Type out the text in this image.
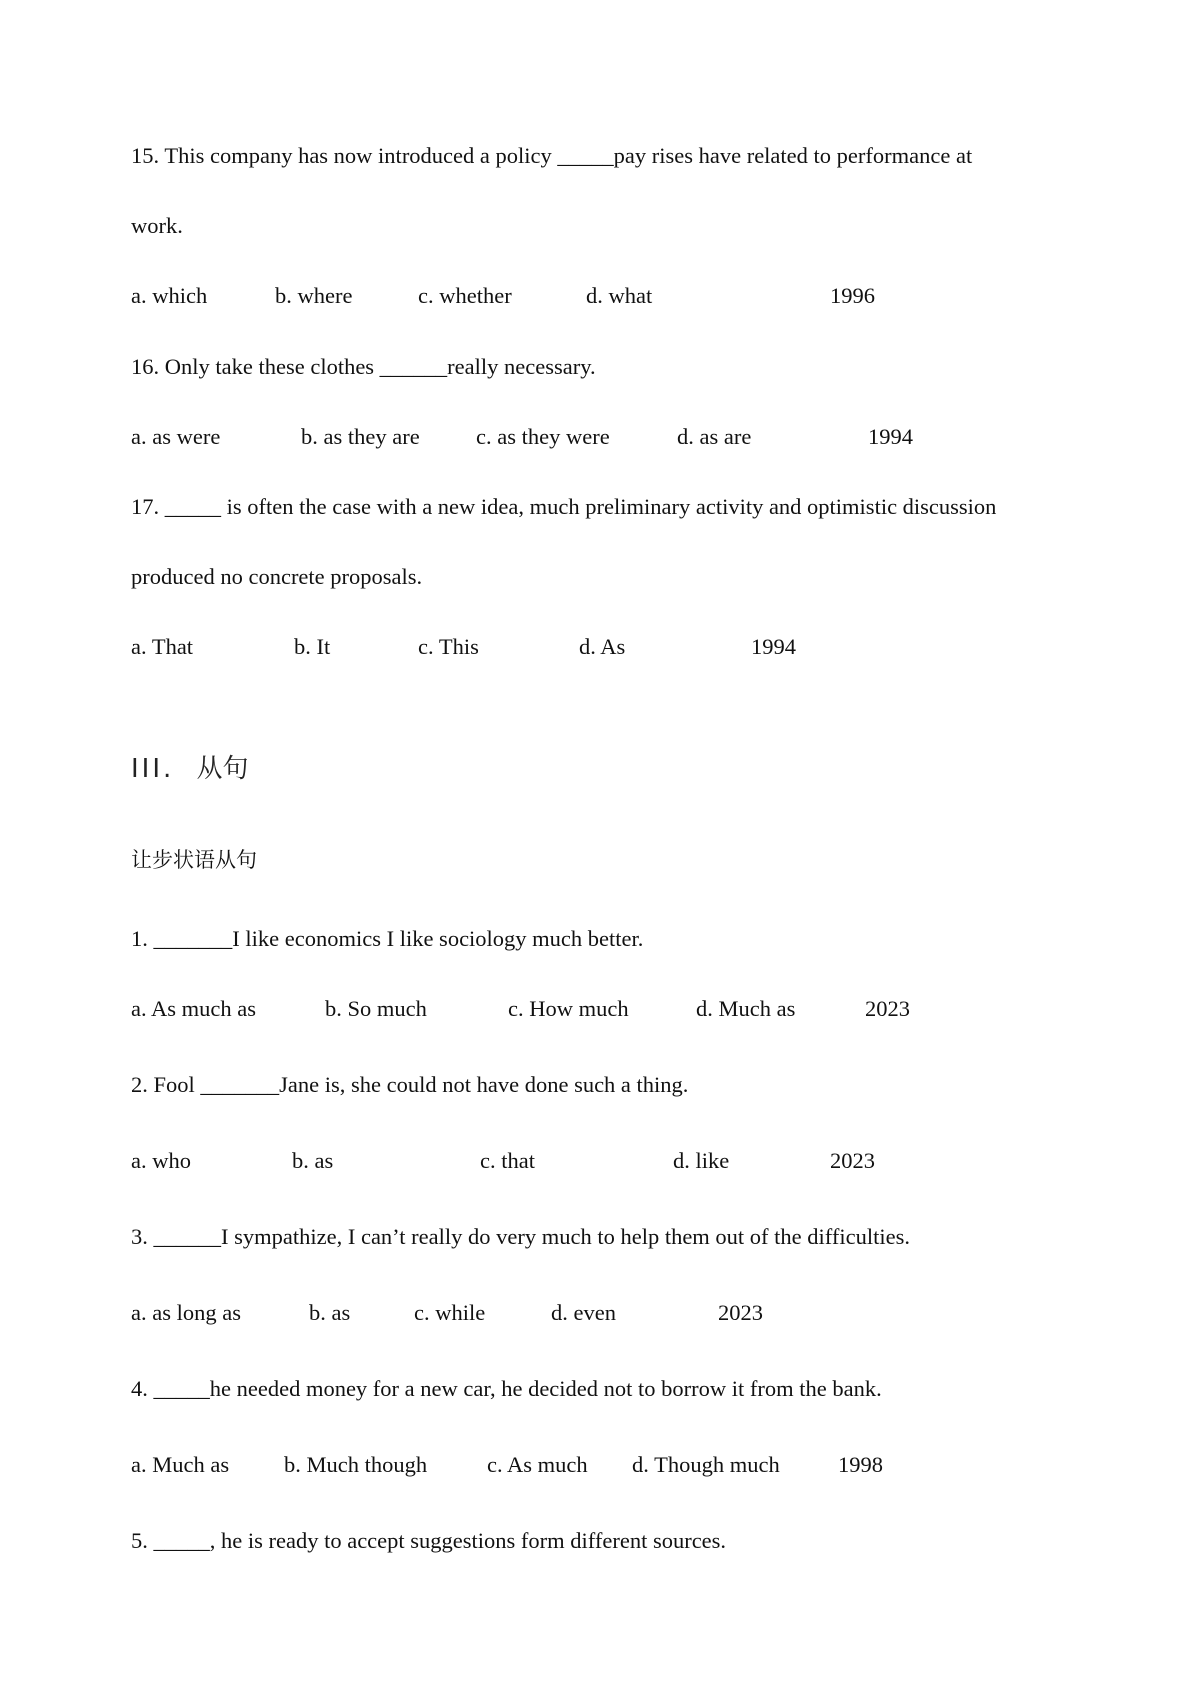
15. This company has now introduced a policy _____pay rises have related to performance at
work.
a. which	b. where	c. whether	d. what	1996
16. Only take these clothes ______really necessary.
a. as were	b. as they are	c. as they were	d. as are	1994
17. _____ is often the case with a new idea, much preliminary activity and optimistic discussion
produced no concrete proposals.
a. That	b. It	c. This	d. As	1994
III. 从句
让步状语从句
1. _______I like economics I like sociology much better.
a. As much as	b. So much	c. How much	d. Much as	2023
2. Fool _______Jane is, she could not have done such a thing.
a. who	b. as	c. that	d. like	2023
3. ______I sympathize, I can’t really do very much to help them out of the difficulties.
a. as long as	b. as	c. while	d. even	2023
4. _____he needed money for a new car, he decided not to borrow it from the bank.
a. Much as b. Much though	c. As much d. Though much	1998
5. _____, he is ready to accept suggestions form different sources.
